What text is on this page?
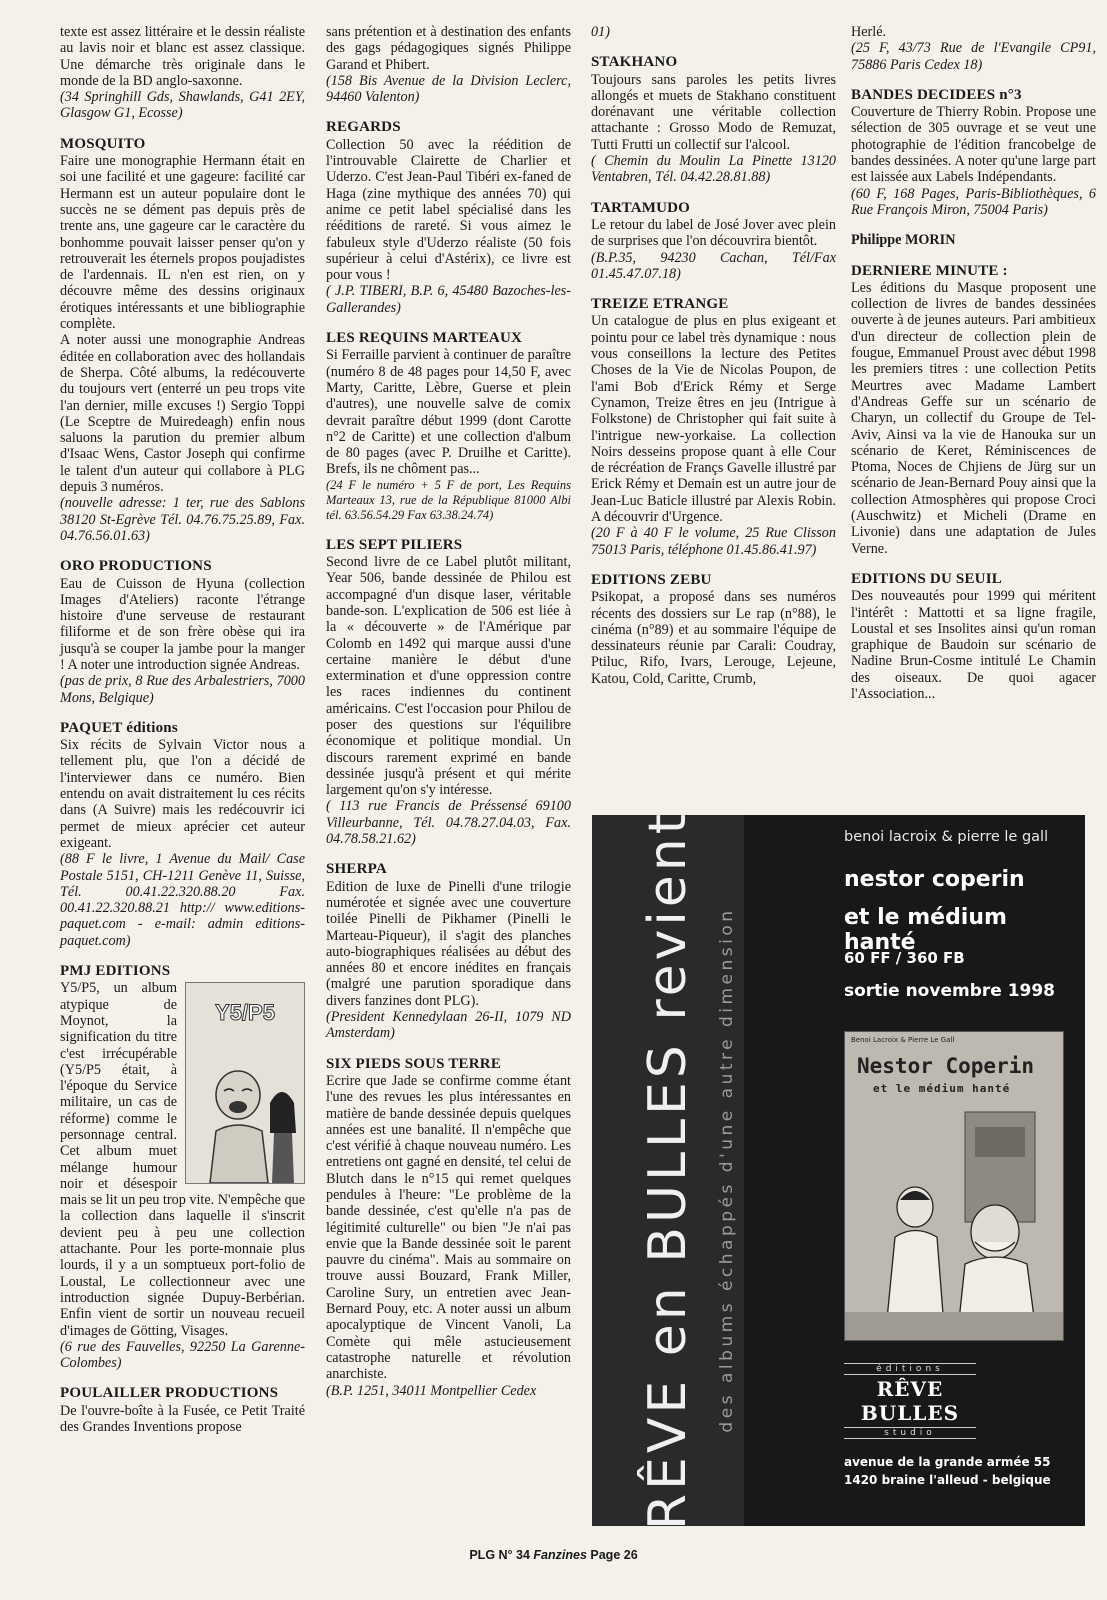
texte est assez littéraire et le dessin réaliste au lavis noir et blanc est assez classique. Une démarche très originale dans le monde de la BD anglo-saxonne.

(34 Springhill Gds, Shawlands, G41 2EY, Glasgow G1, Ecosse)

MOSQUITO

Faire une monographie Hermann était en soi une facilité et une gageure: facilité car Hermann est un auteur populaire dont le succès ne se dément pas depuis près de trente ans, une gageure car le caractère du bonhomme pouvait laisser penser qu'on y retrouverait les éternels propos poujadistes de l'ardennais. IL n'en est rien, on y découvre même des dessins originaux érotiques intéressants et une bibliographie complète.

A noter aussi une monographie Andreas éditée en collaboration avec des hollandais de Sherpa. Côté albums, la redécouverte du toujours vert (enterré un peu trops vite l'an dernier, mille excuses !) Sergio Toppi (Le Sceptre de Muiredeagh) enfin nous saluons la parution du premier album d'Isaac Wens, Castor Joseph qui confirme le talent d'un auteur qui collabore à PLG depuis 3 numéros.

(nouvelle adresse: 1 ter, rue des Sablons 38120 St-Egrève Tél. 04.76.75.25.89, Fax. 04.76.56.01.63)

ORO PRODUCTIONS

Eau de Cuisson de Hyuna (collection Images d'Ateliers) raconte l'étrange histoire d'une serveuse de restaurant filiforme et de son frère obèse qui ira jusqu'à se couper la jambe pour la manger ! A noter une introduction signée Andreas.

(pas de prix, 8 Rue des Arbalestriers, 7000 Mons, Belgique)

PAQUET éditions

Six récits de Sylvain Victor nous a tellement plu, que l'on a décidé de l'interviewer dans ce numéro. Bien entendu on avait distraitement lu ces récits dans (A Suivre) mais les redécouvrir ici permet de mieux aprécier cet auteur exigeant.

(88 F le livre, 1 Avenue du Mail/ Case Postale 5151, CH-1211 Genève 11, Suisse, Tél. 00.41.22.320.88.20 Fax. 00.41.22.320.88.21 http:// www.editions-paquet.com - e-mail: admin editions-paquet.com)

PMJ EDITIONS
Y5/P5

Y5/P5, un album atypique de Moynot, la signification du titre c'est irrécupérable (Y5/P5 était, à l'époque du Service militaire, un cas de réforme) comme le personnage central. Cet album muet mélange humour noir et désespoir mais se lit un peu trop vite. N'empêche que la collection dans laquelle il s'inscrit devient peu à peu une collection attachante. Pour les porte-monnaie plus lourds, il y a un somptueux port-folio de Loustal, Le collectionneur avec une introduction signée Dupuy-Berbérian. Enfin vient de sortir un nouveau recueil d'images de Götting, Visages.

(6 rue des Fauvelles, 92250 La Garenne-Colombes)

POULAILLER PRODUCTIONS

De l'ouvre-boîte à la Fusée, ce Petit Traité des Grandes Inventions propose

sans prétention et à destination des enfants des gags pédagogiques signés Philippe Garand et Phibert.

(158 Bis Avenue de la Division Leclerc, 94460 Valenton)

REGARDS

Collection 50 avec la réédition de l'introuvable Clairette de Charlier et Uderzo. C'est Jean-Paul Tibéri ex-faned de Haga (zine mythique des années 70) qui anime ce petit label spécialisé dans les rééditions de rareté. Si vous aimez le fabuleux style d'Uderzo réaliste (50 fois supérieur à celui d'Astérix), ce livre est pour vous !

( J.P. TIBERI, B.P. 6, 45480 Bazoches-les-Gallerandes)

LES REQUINS MARTEAUX

Si Ferraille parvient à continuer de paraître (numéro 8 de 48 pages pour 14,50 F, avec Marty, Caritte, Lèbre, Guerse et plein d'autres), une nouvelle salve de comix devrait paraître début 1999 (dont Carotte n°2 de Caritte) et une collection d'album de 80 pages (avec P. Druilhe et Caritte). Brefs, ils ne chôment pas...

(24 F le numéro + 5 F de port, Les Requins Marteaux 13, rue de la République 81000 Albi tél. 63.56.54.29 Fax 63.38.24.74)

LES SEPT PILIERS

Second livre de ce Label plutôt militant, Year 506, bande dessinée de Philou est accompagné d'un disque laser, véritable bande-son. L'explication de 506 est liée à la « découverte » de l'Amérique par Colomb en 1492 qui marque aussi d'une certaine manière le début d'une extermination et d'une oppression contre les races indiennes du continent américains. C'est l'occasion pour Philou de poser des questions sur l'équilibre économique et politique mondial. Un discours rarement exprimé en bande dessinée jusqu'à présent et qui mérite largement qu'on s'y intéresse.

( 113 rue Francis de Préssensé 69100 Villeurbanne, Tél. 04.78.27.04.03, Fax. 04.78.58.21.62)

SHERPA

Edition de luxe de Pinelli d'une trilogie numérotée et signée avec une couverture toilée Pinelli de Pikhamer (Pinelli le Marteau-Piqueur), il s'agit des planches auto-biographiques réalisées au début des années 80 et encore inédites en français (malgré une parution sporadique dans divers fanzines dont PLG).

(President Kennedylaan 26-II, 1079 ND Amsterdam)

SIX PIEDS SOUS TERRE

Ecrire que Jade se confirme comme étant l'une des revues les plus intéressantes en matière de bande dessinée depuis quelques années est une banalité. Il n'empêche que c'est vérifié à chaque nouveau numéro. Les entretiens ont gagné en densité, tel celui de Blutch dans le n°15 qui remet quelques pendules à l'heure: "Le problème de la bande dessinée, c'est qu'elle n'a pas de légitimité culturelle" ou bien "Je n'ai pas envie que la Bande dessinée soit le parent pauvre du cinéma". Mais au sommaire on trouve aussi Bouzard, Frank Miller, Caroline Sury, un entretien avec Jean-Bernard Pouy, etc. A noter aussi un album apocalyptique de Vincent Vanoli, La Comète qui mêle astucieusement catastrophe naturelle et révolution anarchiste.

(B.P. 1251, 34011 Montpellier Cedex

01)

STAKHANO

Toujours sans paroles les petits livres allongés et muets de Stakhano constituent dorénavant une véritable collection attachante : Grosso Modo de Remuzat, Tutti Frutti un collectif sur l'alcool.

( Chemin du Moulin La Pinette 13120 Ventabren, Tél. 04.42.28.81.88)

TARTAMUDO

Le retour du label de José Jover avec plein de surprises que l'on découvrira bientôt.

(B.P.35, 94230 Cachan, Tél/Fax 01.45.47.07.18)

TREIZE ETRANGE

Un catalogue de plus en plus exigeant et pointu pour ce label très dynamique : nous vous conseillons la lecture des Petites Choses de la Vie de Nicolas Poupon, de l'ami Bob d'Erick Rémy et Serge Cynamon, Treize êtres en jeu (Intrigue à Folkstone) de Christopher qui fait suite à l'intrigue new-yorkaise. La collection Noirs desseins propose quant à elle Cour de récréation de Françs Gavelle illustré par Erick Rémy et Demain est un autre jour de Jean-Luc Baticle illustré par Alexis Robin. A découvrir d'Urgence.

(20 F à 40 F le volume, 25 Rue Clisson 75013 Paris, téléphone 01.45.86.41.97)

EDITIONS ZEBU

Psikopat, a proposé dans ses numéros récents des dossiers sur Le rap (n°88), le cinéma (n°89) et au sommaire l'équipe de dessinateurs réunie par Carali: Coudray, Ptiluc, Rifo, Ivars, Lerouge, Lejeune, Katou, Cold, Caritte, Crumb,

Herlé.

(25 F, 43/73 Rue de l'Evangile CP91, 75886 Paris Cedex 18)

BANDES DECIDEES n°3

Couverture de Thierry Robin. Propose une sélection de 305 ouvrage et se veut une photographie de l'édition francobelge de bandes dessinées. A noter qu'une large part est laissée aux Labels Indépendants.

(60 F, 168 Pages, Paris-Bibliothèques, 6 Rue François Miron, 75004 Paris)

Philippe MORIN

DERNIERE MINUTE :

Les éditions du Masque proposent une collection de livres de bandes dessinées ouverte à de jeunes auteurs. Pari ambitieux d'un directeur de collection plein de fougue, Emmanuel Proust avec début 1998 les premiers titres : une collection Petits Meurtres avec Madame Lambert d'Andreas Geffe sur un scénario de Charyn, un collectif du Groupe de Tel-Aviv, Ainsi va la vie de Hanouka sur un scénario de Keret, Réminiscences de Ptoma, Noces de Chjiens de Jürg sur un scénario de Jean-Bernard Pouy ainsi que la collection Atmosphères qui propose Croci (Auschwitz) et Micheli (Drame en Livonie) dans une adaptation de Jules Verne.

EDITIONS DU SEUIL

Des nouveautés pour 1999 qui méritent l'intérêt : Mattotti et sa ligne fragile, Loustal et ses Insolites ainsi qu'un roman graphique de Baudoin sur scénario de Nadine Brun-Cosme intitulé Le Chamin des oiseaux. De quoi agacer l'Association...

RÊVE en BULLES revient des albums échappés d'une autre dimension
benoi lacroix & pierre le gall
nestor coperin
et le médium hanté
60 FF / 360 FB
sortie novembre 1998
Benoi Lacroix & Pierre Le Gall
Nestor Coperin
et le médium hanté
éditions
RÊVE BULLES
studio
avenue de la grande armée 55
1420 braine l'alleud - belgique
PLG N° 34 Fanzines Page 26
